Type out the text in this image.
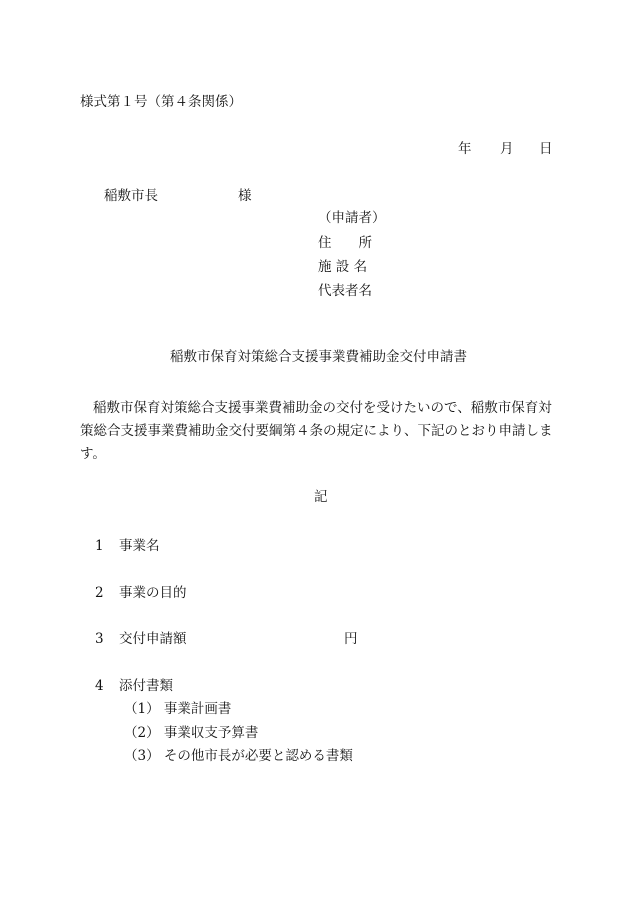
様式第１号（第４条関係）
年 月 日
稲敷市長	様
（申請者）
住　　所
施 設 名
代表者名
稲敷市保育対策総合支援事業費補助金交付申請書
稲敷市保育対策総合支援事業費補助金の交付を受けたいので、稲敷市保育対策総合支援事業費補助金交付要綱第４条の規定により、下記のとおり申請します。
記
1 事業名
2 事業の目的
3 交付申請額	円
4 添付書類
（1） 事業計画書
（2） 事業収支予算書
（3） その他市長が必要と認める書類
